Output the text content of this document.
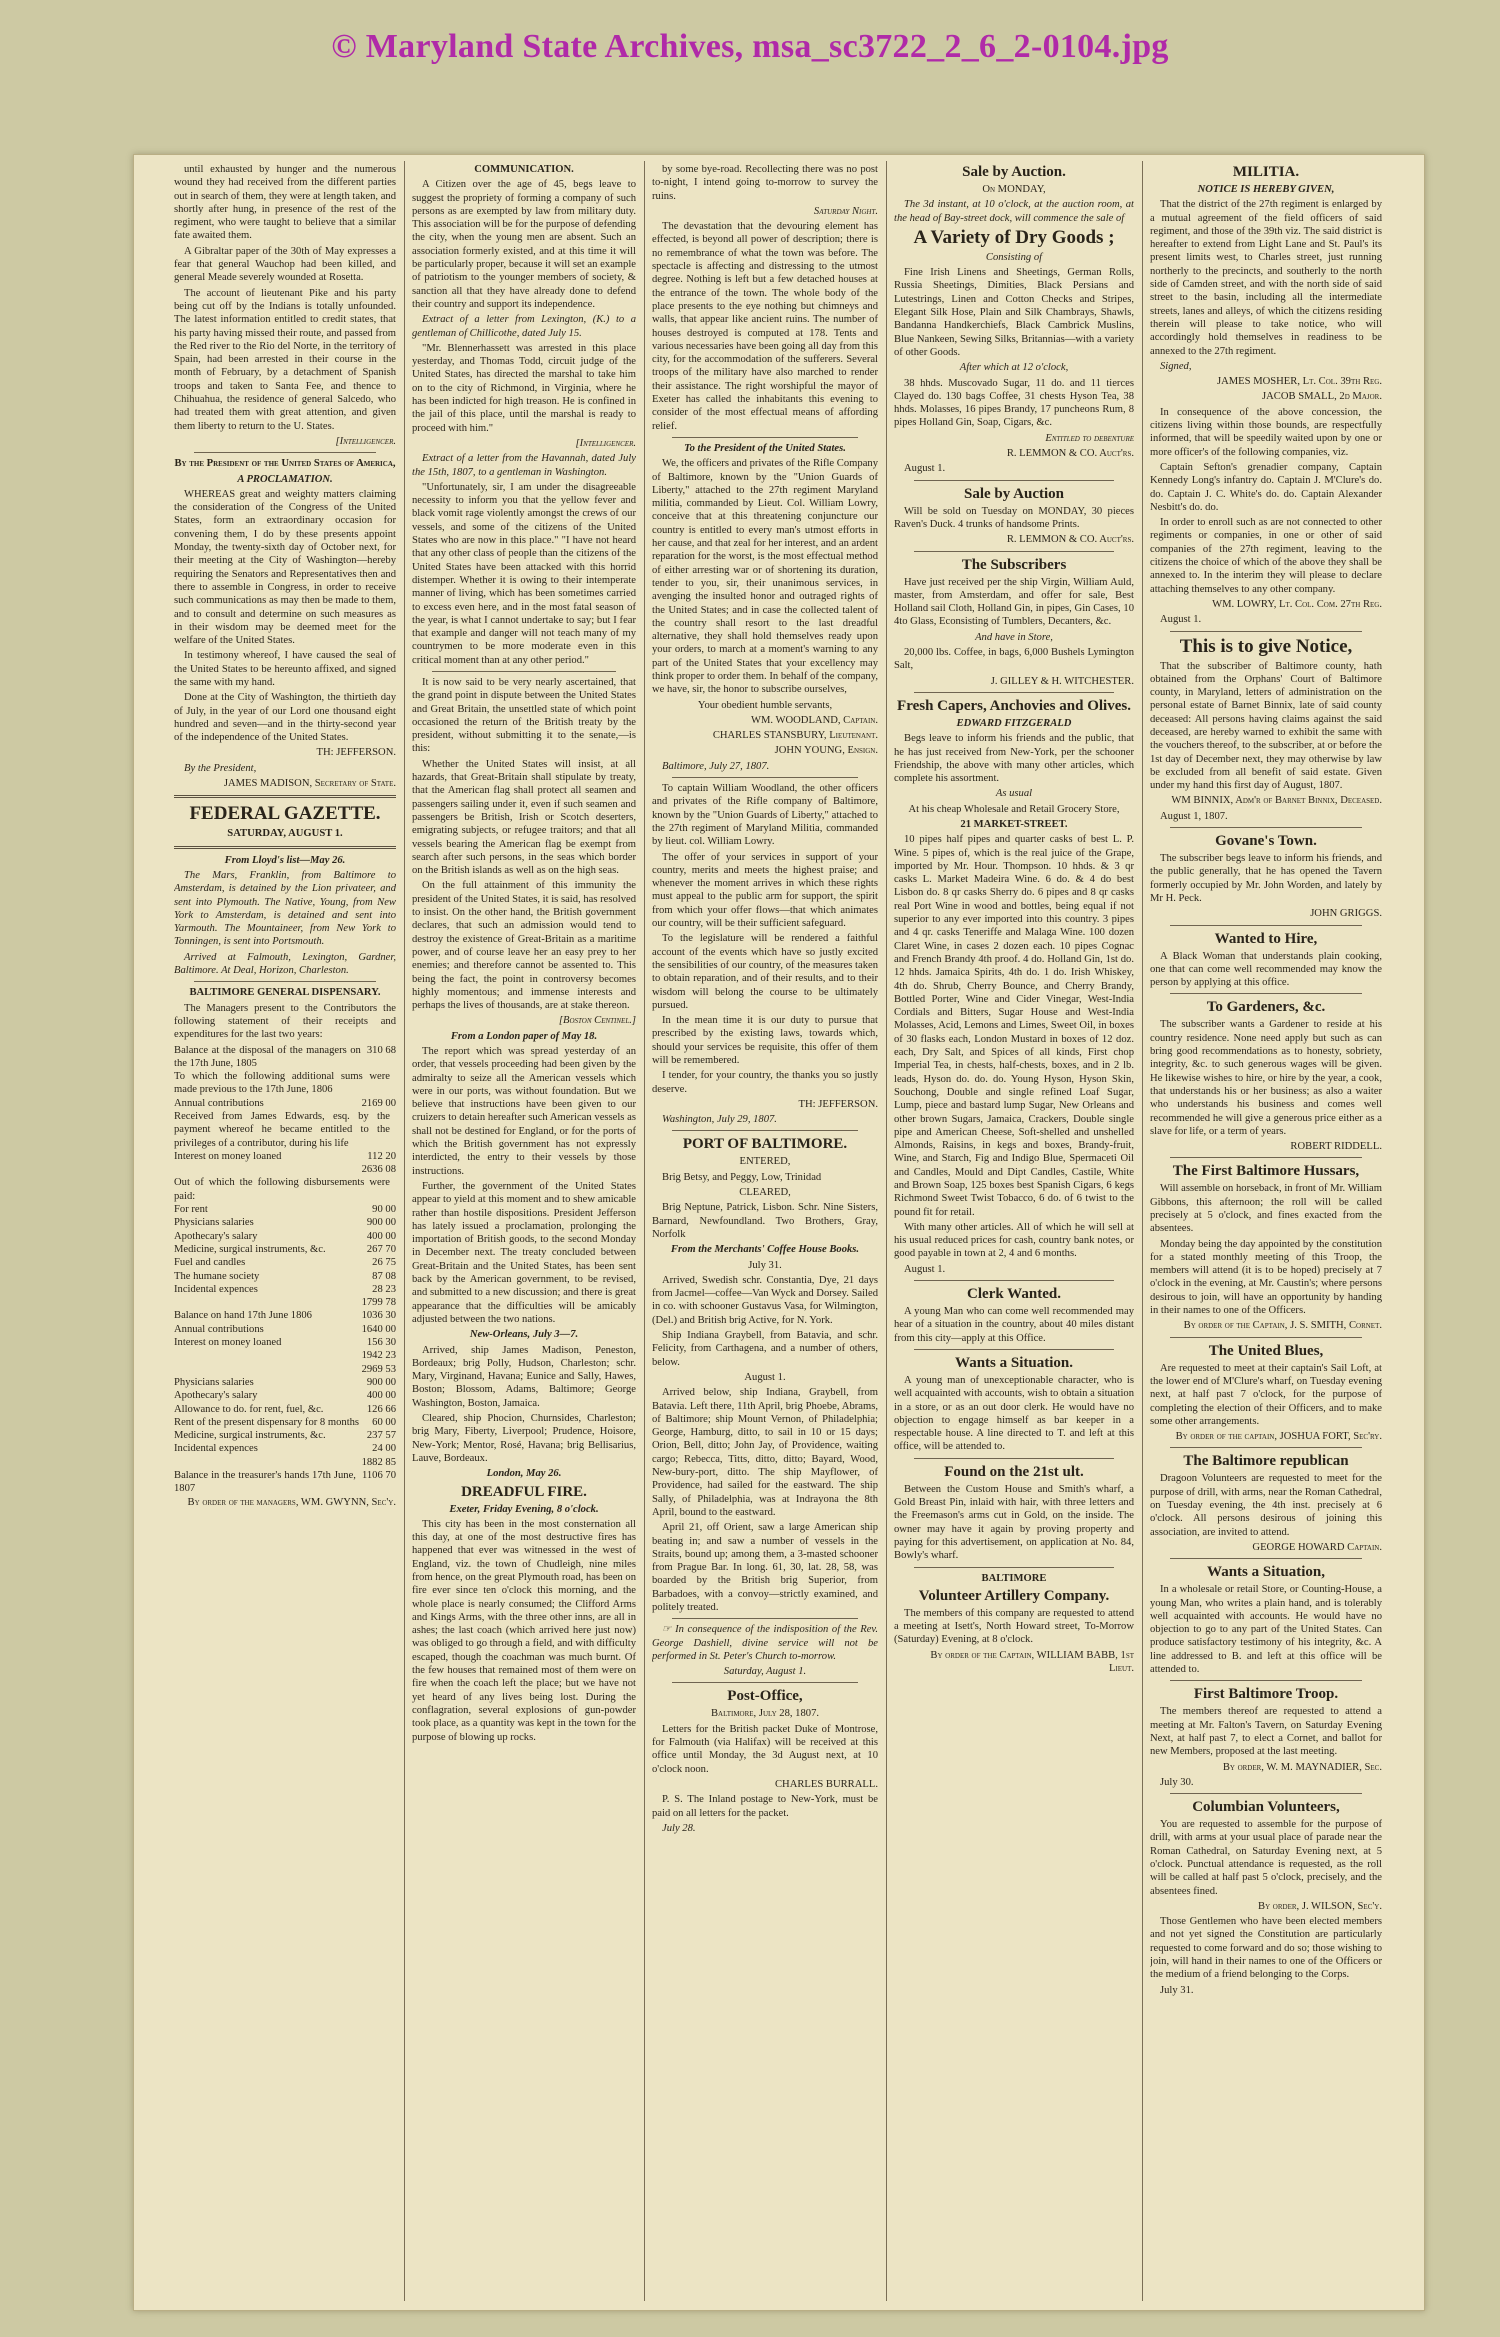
© Maryland State Archives, msa_sc3722_2_6_2-0104.jpg

until exhausted by hunger and the numerous wound they had received from the different parties out in search of them, they were at length taken, and shortly after hung, in presence of the rest of the regiment, who were taught to believe that a similar fate awaited them.

A Gibraltar paper of the 30th of May expresses a fear that general Wauchop had been killed, and general Meade severely wounded at Rosetta.

The account of lieutenant Pike and his party being cut off by the Indians is totally unfounded. The latest information entitled to credit states, that his party having missed their route, and passed from the Red river to the Rio del Norte, in the territory of Spain, had been arrested in their course in the month of February, by a detachment of Spanish troops and taken to Santa Fee, and thence to Chihuahua, the residence of general Salcedo, who had treated them with great attention, and given them liberty to return to the U. States.

[Intelligencer.

By the President of the United States of America,

A PROCLAMATION.

WHEREAS great and weighty matters claiming the consideration of the Congress of the United States, form an extraordinary occasion for convening them, I do by these presents appoint Monday, the twenty-sixth day of October next, for their meeting at the City of Washington—hereby requiring the Senators and Representatives then and there to assemble in Congress, in order to receive such communications as may then be made to them, and to consult and determine on such measures as in their wisdom may be deemed meet for the welfare of the United States.

In testimony whereof, I have caused the seal of the United States to be hereunto affixed, and signed the same with my hand.

Done at the City of Washington, the thirtieth day of July, in the year of our Lord one thousand eight hundred and seven—and in the thirty-second year of the independence of the United States.

TH: JEFFERSON.

By the President,

JAMES MADISON, Secretary of State.

FEDERAL GAZETTE.

SATURDAY, AUGUST 1.

From Lloyd's list—May 26.

The Mars, Franklin, from Baltimore to Amsterdam, is detained by the Lion privateer, and sent into Plymouth. The Native, Young, from New York to Amsterdam, is detained and sent into Yarmouth. The Mountaineer, from New York to Tonningen, is sent into Portsmouth.

Arrived at Falmouth, Lexington, Gardner, Baltimore. At Deal, Horizon, Charleston.

BALTIMORE GENERAL DISPENSARY.

The Managers present to the Contributors the following statement of their receipts and expenditures for the last two years:

Balance at the disposal of the managers on the 17th June, 1805
310 68
To which the following additional sums were made previous to the 17th June, 1806
Annual contributions	2169 00
Received from James Edwards, esq. by the payment whereof he became entitled to the privileges of a contributor, during his life
Interest on money loaned	112 20
2636 08
Out of which the following disbursements were paid:
For rent	90 00
Physicians salaries	900 00
Apothecary's salary	400 00
Medicine, surgical instruments, &c.	267 70
Fuel and candles	26 75
The humane society	87 08
Incidental expences	28 23
1799 78
Balance on hand 17th June 1806	1036 30
Annual contributions	1640 00
Interest on money loaned	156 30
1942 23
2969 53
Physicians salaries	900 00
Apothecary's salary	400 00
Allowance to do. for rent, fuel, &c.	126 66
Rent of the present dispensary for 8 months	60 00
Medicine, surgical instruments, &c.	237 57
Incidental expences	24 00
1882 85
Balance in the treasurer's hands 17th June, 1807
1106 70

By order of the managers, WM. GWYNN, Sec'y.

COMMUNICATION.

A Citizen over the age of 45, begs leave to suggest the propriety of forming a company of such persons as are exempted by law from military duty. This association will be for the purpose of defending the city, when the young men are absent. Such an association formerly existed, and at this time it will be particularly proper, because it will set an example of patriotism to the younger members of society, & sanction all that they have already done to defend their country and support its independence.

Extract of a letter from Lexington, (K.) to a gentleman of Chillicothe, dated July 15.

"Mr. Blennerhassett was arrested in this place yesterday, and Thomas Todd, circuit judge of the United States, has directed the marshal to take him on to the city of Richmond, in Virginia, where he has been indicted for high treason. He is confined in the jail of this place, until the marshal is ready to proceed with him."

[Intelligencer.

Extract of a letter from the Havannah, dated July the 15th, 1807, to a gentleman in Washington.

"Unfortunately, sir, I am under the disagreeable necessity to inform you that the yellow fever and black vomit rage violently amongst the crews of our vessels, and some of the citizens of the United States who are now in this place." "I have not heard that any other class of people than the citizens of the United States have been attacked with this horrid distemper. Whether it is owing to their intemperate manner of living, which has been sometimes carried to excess even here, and in the most fatal season of the year, is what I cannot undertake to say; but I fear that example and danger will not teach many of my countrymen to be more moderate even in this critical moment than at any other period."

It is now said to be very nearly ascertained, that the grand point in dispute between the United States and Great Britain, the unsettled state of which point occasioned the return of the British treaty by the president, without submitting it to the senate,—is this:

Whether the United States will insist, at all hazards, that Great-Britain shall stipulate by treaty, that the American flag shall protect all seamen and passengers sailing under it, even if such seamen and passengers be British, Irish or Scotch deserters, emigrating subjects, or refugee traitors; and that all vessels bearing the American flag be exempt from search after such persons, in the seas which border on the British islands as well as on the high seas.

On the full attainment of this immunity the president of the United States, it is said, has resolved to insist. On the other hand, the British government declares, that such an admission would tend to destroy the existence of Great-Britain as a maritime power, and of course leave her an easy prey to her enemies; and therefore cannot be assented to. This being the fact, the point in controversy becomes highly momentous; and immense interests and perhaps the lives of thousands, are at stake thereon.

[Boston Centinel.]

From a London paper of May 18.

The report which was spread yesterday of an order, that vessels proceeding had been given by the admiralty to seize all the American vessels which were in our ports, was without foundation. But we believe that instructions have been given to our cruizers to detain hereafter such American vessels as shall not be destined for England, or for the ports of which the British government has not expressly interdicted, the entry to their vessels by those instructions.

Further, the government of the United States appear to yield at this moment and to shew amicable rather than hostile dispositions. President Jefferson has lately issued a proclamation, prolonging the importation of British goods, to the second Monday in December next. The treaty concluded between Great-Britain and the United States, has been sent back by the American government, to be revised, and submitted to a new discussion; and there is great appearance that the difficulties will be amicably adjusted between the two nations.

New-Orleans, July 3—7.

Arrived, ship James Madison, Peneston, Bordeaux; brig Polly, Hudson, Charleston; schr. Mary, Virginand, Havana; Eunice and Sally, Hawes, Boston; Blossom, Adams, Baltimore; George Washington, Boston, Jamaica.

Cleared, ship Phocion, Churnsides, Charleston; brig Mary, Fiberty, Liverpool; Prudence, Hoisore, New-York; Mentor, Rosé, Havana; brig Bellisarius, Lauve, Bordeaux.

London, May 26.

DREADFUL FIRE.

Exeter, Friday Evening, 8 o'clock.

This city has been in the most consternation all this day, at one of the most destructive fires has happened that ever was witnessed in the west of England, viz. the town of Chudleigh, nine miles from hence, on the great Plymouth road, has been on fire ever since ten o'clock this morning, and the whole place is nearly consumed; the Clifford Arms and Kings Arms, with the three other inns, are all in ashes; the last coach (which arrived here just now) was obliged to go through a field, and with difficulty escaped, though the coachman was much burnt. Of the few houses that remained most of them were on fire when the coach left the place; but we have not yet heard of any lives being lost. During the conflagration, several explosions of gun-powder took place, as a quantity was kept in the town for the purpose of blowing up rocks.

by some bye-road. Recollecting there was no post to-night, I intend going to-morrow to survey the ruins.

Saturday Night.

The devastation that the devouring element has effected, is beyond all power of description; there is no remembrance of what the town was before. The spectacle is affecting and distressing to the utmost degree. Nothing is left but a few detached houses at the entrance of the town. The whole body of the place presents to the eye nothing but chimneys and walls, that appear like ancient ruins. The number of houses destroyed is computed at 178. Tents and various necessaries have been going all day from this city, for the accommodation of the sufferers. Several troops of the military have also marched to render their assistance. The right worshipful the mayor of Exeter has called the inhabitants this evening to consider of the most effectual means of affording relief.

To the President of the United States.

We, the officers and privates of the Rifle Company of Baltimore, known by the "Union Guards of Liberty," attached to the 27th regiment Maryland militia, commanded by Lieut. Col. William Lowry, conceive that at this threatening conjuncture our country is entitled to every man's utmost efforts in her cause, and that zeal for her interest, and an ardent reparation for the worst, is the most effectual method of either arresting war or of shortening its duration, tender to you, sir, their unanimous services, in avenging the insulted honor and outraged rights of the United States; and in case the collected talent of the country shall resort to the last dreadful alternative, they shall hold themselves ready upon your orders, to march at a moment's warning to any part of the United States that your excellency may think proper to order them. In behalf of the company, we have, sir, the honor to subscribe ourselves,

Your obedient humble servants,

WM. WOODLAND, Captain.

CHARLES STANSBURY, Lieutenant.

JOHN YOUNG, Ensign.

Baltimore, July 27, 1807.

To captain William Woodland, the other officers and privates of the Rifle company of Baltimore, known by the "Union Guards of Liberty," attached to the 27th regiment of Maryland Militia, commanded by lieut. col. William Lowry.

The offer of your services in support of your country, merits and meets the highest praise; and whenever the moment arrives in which these rights must appeal to the public arm for support, the spirit from which your offer flows—that which animates our country, will be their sufficient safeguard.

To the legislature will be rendered a faithful account of the events which have so justly excited the sensibilities of our country, of the measures taken to obtain reparation, and of their results, and to their wisdom will belong the course to be ultimately pursued.

In the mean time it is our duty to pursue that prescribed by the existing laws, towards which, should your services be requisite, this offer of them will be remembered.

I tender, for your country, the thanks you so justly deserve.

TH: JEFFERSON.

Washington, July 29, 1807.

PORT OF BALTIMORE.

ENTERED,

Brig Betsy, and Peggy, Low, Trinidad

CLEARED,

Brig Neptune, Patrick, Lisbon. Schr. Nine Sisters, Barnard, Newfoundland. Two Brothers, Gray, Norfolk

From the Merchants' Coffee House Books.

July 31.

Arrived, Swedish schr. Constantia, Dye, 21 days from Jacmel—coffee—Van Wyck and Dorsey. Sailed in co. with schooner Gustavus Vasa, for Wilmington, (Del.) and British brig Active, for N. York.

Ship Indiana Graybell, from Batavia, and schr. Felicity, from Carthagena, and a number of others, below.

August 1.

Arrived below, ship Indiana, Graybell, from Batavia. Left there, 11th April, brig Phoebe, Abrams, of Baltimore; ship Mount Vernon, of Philadelphia; George, Hamburg, ditto, to sail in 10 or 15 days; Orion, Bell, ditto; John Jay, of Providence, waiting cargo; Rebecca, Titts, ditto, ditto; Bayard, Wood, New-bury-port, ditto. The ship Mayflower, of Providence, had sailed for the eastward. The ship Sally, of Philadelphia, was at Indrayona the 8th April, bound to the eastward.

April 21, off Orient, saw a large American ship beating in; and saw a number of vessels in the Straits, bound up; among them, a 3-masted schooner from Prague Bar. In long. 61, 30, lat. 28, 58, was boarded by the British brig Superior, from Barbadoes, with a convoy—strictly examined, and politely treated.

☞ In consequence of the indisposition of the Rev. George Dashiell, divine service will not be performed in St. Peter's Church to-morrow.

Saturday, August 1.

Post-Office,

Baltimore, July 28, 1807.

Letters for the British packet Duke of Montrose, for Falmouth (via Halifax) will be received at this office until Monday, the 3d August next, at 10 o'clock noon.

CHARLES BURRALL.

P. S. The Inland postage to New-York, must be paid on all letters for the packet.

July 28.

Sale by Auction.

On MONDAY,

The 3d instant, at 10 o'clock, at the auction room, at the head of Bay-street dock, will commence the sale of

A Variety of Dry Goods ;

Consisting of

Fine Irish Linens and Sheetings, German Rolls, Russia Sheetings, Dimities, Black Persians and Lutestrings, Linen and Cotton Checks and Stripes, Elegant Silk Hose, Plain and Silk Chambrays, Shawls, Bandanna Handkerchiefs, Black Cambrick Muslins, Blue Nankeen, Sewing Silks, Britannias—with a variety of other Goods.

After which at 12 o'clock,

38 hhds. Muscovado Sugar, 11 do. and 11 tierces Clayed do. 130 bags Coffee, 31 chests Hyson Tea, 38 hhds. Molasses, 16 pipes Brandy, 17 puncheons Rum, 8 pipes Holland Gin, Soap, Cigars, &c.

Entitled to debenture

R. LEMMON & CO. Auct'rs.

August 1.

Sale by Auction

Will be sold on Tuesday on MONDAY, 30 pieces Raven's Duck. 4 trunks of handsome Prints.

R. LEMMON & CO. Auct'rs.

The Subscribers

Have just received per the ship Virgin, William Auld, master, from Amsterdam, and offer for sale, Best Holland sail Cloth, Holland Gin, in pipes, Gin Cases, 10 4to Glass, Econsisting of Tumblers, Decanters, &c.

And have in Store,

20,000 lbs. Coffee, in bags, 6,000 Bushels Lymington Salt,

J. GILLEY & H. WITCHESTER.

Fresh Capers, Anchovies and Olives.

EDWARD FITZGERALD

Begs leave to inform his friends and the public, that he has just received from New-York, per the schooner Friendship, the above with many other articles, which complete his assortment.

As usual

At his cheap Wholesale and Retail Grocery Store,

21 MARKET-STREET.

10 pipes half pipes and quarter casks of best L. P. Wine. 5 pipes of, which is the real juice of the Grape, imported by Mr. Hour. Thompson. 10 hhds. & 3 qr casks L. Market Madeira Wine. 6 do. & 4 do best Lisbon do. 8 qr casks Sherry do. 6 pipes and 8 qr casks real Port Wine in wood and bottles, being equal if not superior to any ever imported into this country. 3 pipes and 4 qr. casks Teneriffe and Malaga Wine. 100 dozen Claret Wine, in cases 2 dozen each. 10 pipes Cognac and French Brandy 4th proof. 4 do. Holland Gin, 1st do. 12 hhds. Jamaica Spirits, 4th do. 1 do. Irish Whiskey, 4th do. Shrub, Cherry Bounce, and Cherry Brandy, Bottled Porter, Wine and Cider Vinegar, West-India Cordials and Bitters, Sugar House and West-India Molasses, Acid, Lemons and Limes, Sweet Oil, in boxes of 30 flasks each, London Mustard in boxes of 12 doz. each, Dry Salt, and Spices of all kinds, First chop Imperial Tea, in chests, half-chests, boxes, and in 2 lb. leads, Hyson do. do. do. Young Hyson, Hyson Skin, Souchong, Double and single refined Loaf Sugar, Lump, piece and bastard lump Sugar, New Orleans and other brown Sugars, Jamaica, Crackers, Double single pipe and American Cheese, Soft-shelled and unshelled Almonds, Raisins, in kegs and boxes, Brandy-fruit, Wine, and Starch, Fig and Indigo Blue, Spermaceti Oil and Candles, Mould and Dipt Candles, Castile, White and Brown Soap, 125 boxes best Spanish Cigars, 6 kegs Richmond Sweet Twist Tobacco, 6 do. of 6 twist to the pound fit for retail.

With many other articles. All of which he will sell at his usual reduced prices for cash, country bank notes, or good payable in town at 2, 4 and 6 months.

August 1.

Clerk Wanted.

A young Man who can come well recommended may hear of a situation in the country, about 40 miles distant from this city—apply at this Office.

Wants a Situation.

A young man of unexceptionable character, who is well acquainted with accounts, wish to obtain a situation in a store, or as an out door clerk. He would have no objection to engage himself as bar keeper in a respectable house. A line directed to T. and left at this office, will be attended to.

Found on the 21st ult.

Between the Custom House and Smith's wharf, a Gold Breast Pin, inlaid with hair, with three letters and the Freemason's arms cut in Gold, on the inside. The owner may have it again by proving property and paying for this advertisement, on application at No. 84, Bowly's wharf.

BALTIMORE

Volunteer Artillery Company.

The members of this company are requested to attend a meeting at Isett's, North Howard street, To-Morrow (Saturday) Evening, at 8 o'clock.

By order of the Captain, WILLIAM BABB, 1st Lieut.

MILITIA.

NOTICE IS HEREBY GIVEN,

That the district of the 27th regiment is enlarged by a mutual agreement of the field officers of said regiment, and those of the 39th viz. The said district is hereafter to extend from Light Lane and St. Paul's its present limits west, to Charles street, just running northerly to the precincts, and southerly to the north side of Camden street, and with the north side of said street to the basin, including all the intermediate streets, lanes and alleys, of which the citizens residing therein will please to take notice, who will accordingly hold themselves in readiness to be annexed to the 27th regiment.

Signed,

JAMES MOSHER, Lt. Col. 39th Reg.

JACOB SMALL, 2d Major.

In consequence of the above concession, the citizens living within those bounds, are respectfully informed, that will be speedily waited upon by one or more officer's of the following companies, viz.

Captain Sefton's grenadier company, Captain Kennedy Long's infantry do. Captain J. M'Clure's do. do. Captain J. C. White's do. do. Captain Alexander Nesbitt's do. do.

In order to enroll such as are not connected to other regiments or companies, in one or other of said companies of the 27th regiment, leaving to the citizens the choice of which of the above they shall be annexed to. In the interim they will please to declare attaching themselves to any other company.

WM. LOWRY, Lt. Col. Com. 27th Reg.

August 1.

This is to give Notice,

That the subscriber of Baltimore county, hath obtained from the Orphans' Court of Baltimore county, in Maryland, letters of administration on the personal estate of Barnet Binnix, late of said county deceased: All persons having claims against the said deceased, are hereby warned to exhibit the same with the vouchers thereof, to the subscriber, at or before the 1st day of December next, they may otherwise by law be excluded from all benefit of said estate. Given under my hand this first day of August, 1807.

WM BINNIX, Adm'r of Barnet Binnix, Deceased.

August 1, 1807.

Govane's Town.

The subscriber begs leave to inform his friends, and the public generally, that he has opened the Tavern formerly occupied by Mr. John Worden, and lately by Mr H. Peck.

JOHN GRIGGS.

Wanted to Hire,

A Black Woman that understands plain cooking, one that can come well recommended may know the person by applying at this office.

To Gardeners, &c.

The subscriber wants a Gardener to reside at his country residence. None need apply but such as can bring good recommendations as to honesty, sobriety, integrity, &c. to such generous wages will be given. He likewise wishes to hire, or hire by the year, a cook, that understands his or her business; as also a waiter who understands his business and comes well recommended he will give a generous price either as a slave for life, or a term of years.

ROBERT RIDDELL.

The First Baltimore Hussars,

Will assemble on horseback, in front of Mr. William Gibbons, this afternoon; the roll will be called precisely at 5 o'clock, and fines exacted from the absentees.

Monday being the day appointed by the constitution for a stated monthly meeting of this Troop, the members will attend (it is to be hoped) precisely at 7 o'clock in the evening, at Mr. Caustin's; where persons desirous to join, will have an opportunity by handing in their names to one of the Officers.

By order of the Captain, J. S. SMITH, Cornet.

The United Blues,

Are requested to meet at their captain's Sail Loft, at the lower end of M'Clure's wharf, on Tuesday evening next, at half past 7 o'clock, for the purpose of completing the election of their Officers, and to make some other arrangements.

By order of the captain, JOSHUA FORT, Sec'ry.

The Baltimore republican

Dragoon Volunteers are requested to meet for the purpose of drill, with arms, near the Roman Cathedral, on Tuesday evening, the 4th inst. precisely at 6 o'clock. All persons desirous of joining this association, are invited to attend.

GEORGE HOWARD Captain.

Wants a Situation,

In a wholesale or retail Store, or Counting-House, a young Man, who writes a plain hand, and is tolerably well acquainted with accounts. He would have no objection to go to any part of the United States. Can produce satisfactory testimony of his integrity, &c. A line addressed to B. and left at this office will be attended to.

First Baltimore Troop.

The members thereof are requested to attend a meeting at Mr. Falton's Tavern, on Saturday Evening Next, at half past 7, to elect a Cornet, and ballot for new Members, proposed at the last meeting.

By order, W. M. MAYNADIER, Sec.

July 30.

Columbian Volunteers,

You are requested to assemble for the purpose of drill, with arms at your usual place of parade near the Roman Cathedral, on Saturday Evening next, at 5 o'clock. Punctual attendance is requested, as the roll will be called at half past 5 o'clock, precisely, and the absentees fined.

By order, J. WILSON, Sec'y.

Those Gentlemen who have been elected members and not yet signed the Constitution are particularly requested to come forward and do so; those wishing to join, will hand in their names to one of the Officers or the medium of a friend belonging to the Corps.

July 31.
